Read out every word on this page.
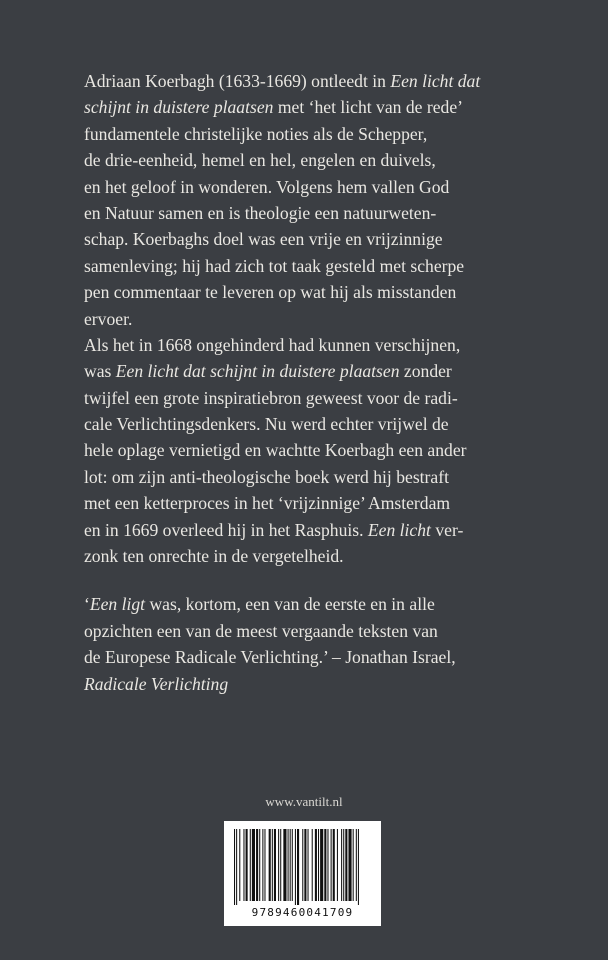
Adriaan Koerbagh (1633-1669) ontleedt in Een licht dat
schijnt in duistere plaatsen met ‘het licht van de rede’
fundamentele christelijke noties als de Schepper,
de drie-eenheid, hemel en hel, engelen en duivels,
en het geloof in wonderen. Volgens hem vallen God
en Natuur samen en is theologie een natuurweten-
schap. Koerbaghs doel was een vrije en vrijzinnige
samenleving; hij had zich tot taak gesteld met scherpe
pen commentaar te leveren op wat hij als misstanden
ervoer.
Als het in 1668 ongehinderd had kunnen verschijnen,
was Een licht dat schijnt in duistere plaatsen zonder
twijfel een grote inspiratiebron geweest voor de radi-
cale Verlichtingsdenkers. Nu werd echter vrijwel de
hele oplage vernietigd en wachtte Koerbagh een ander
lot: om zijn anti-theologische boek werd hij bestraft
met een ketterproces in het ‘vrijzinnige’ Amsterdam
en in 1669 overleed hij in het Rasphuis. Een licht ver-
zonk ten onrechte in de vergetelheid.
‘Een ligt was, kortom, een van de eerste en in alle
opzichten een van de meest vergaande teksten van
de Europese Radicale Verlichting.’ – Jonathan Israel,
Radicale Verlichting
www.vantilt.nl
9789460041709
